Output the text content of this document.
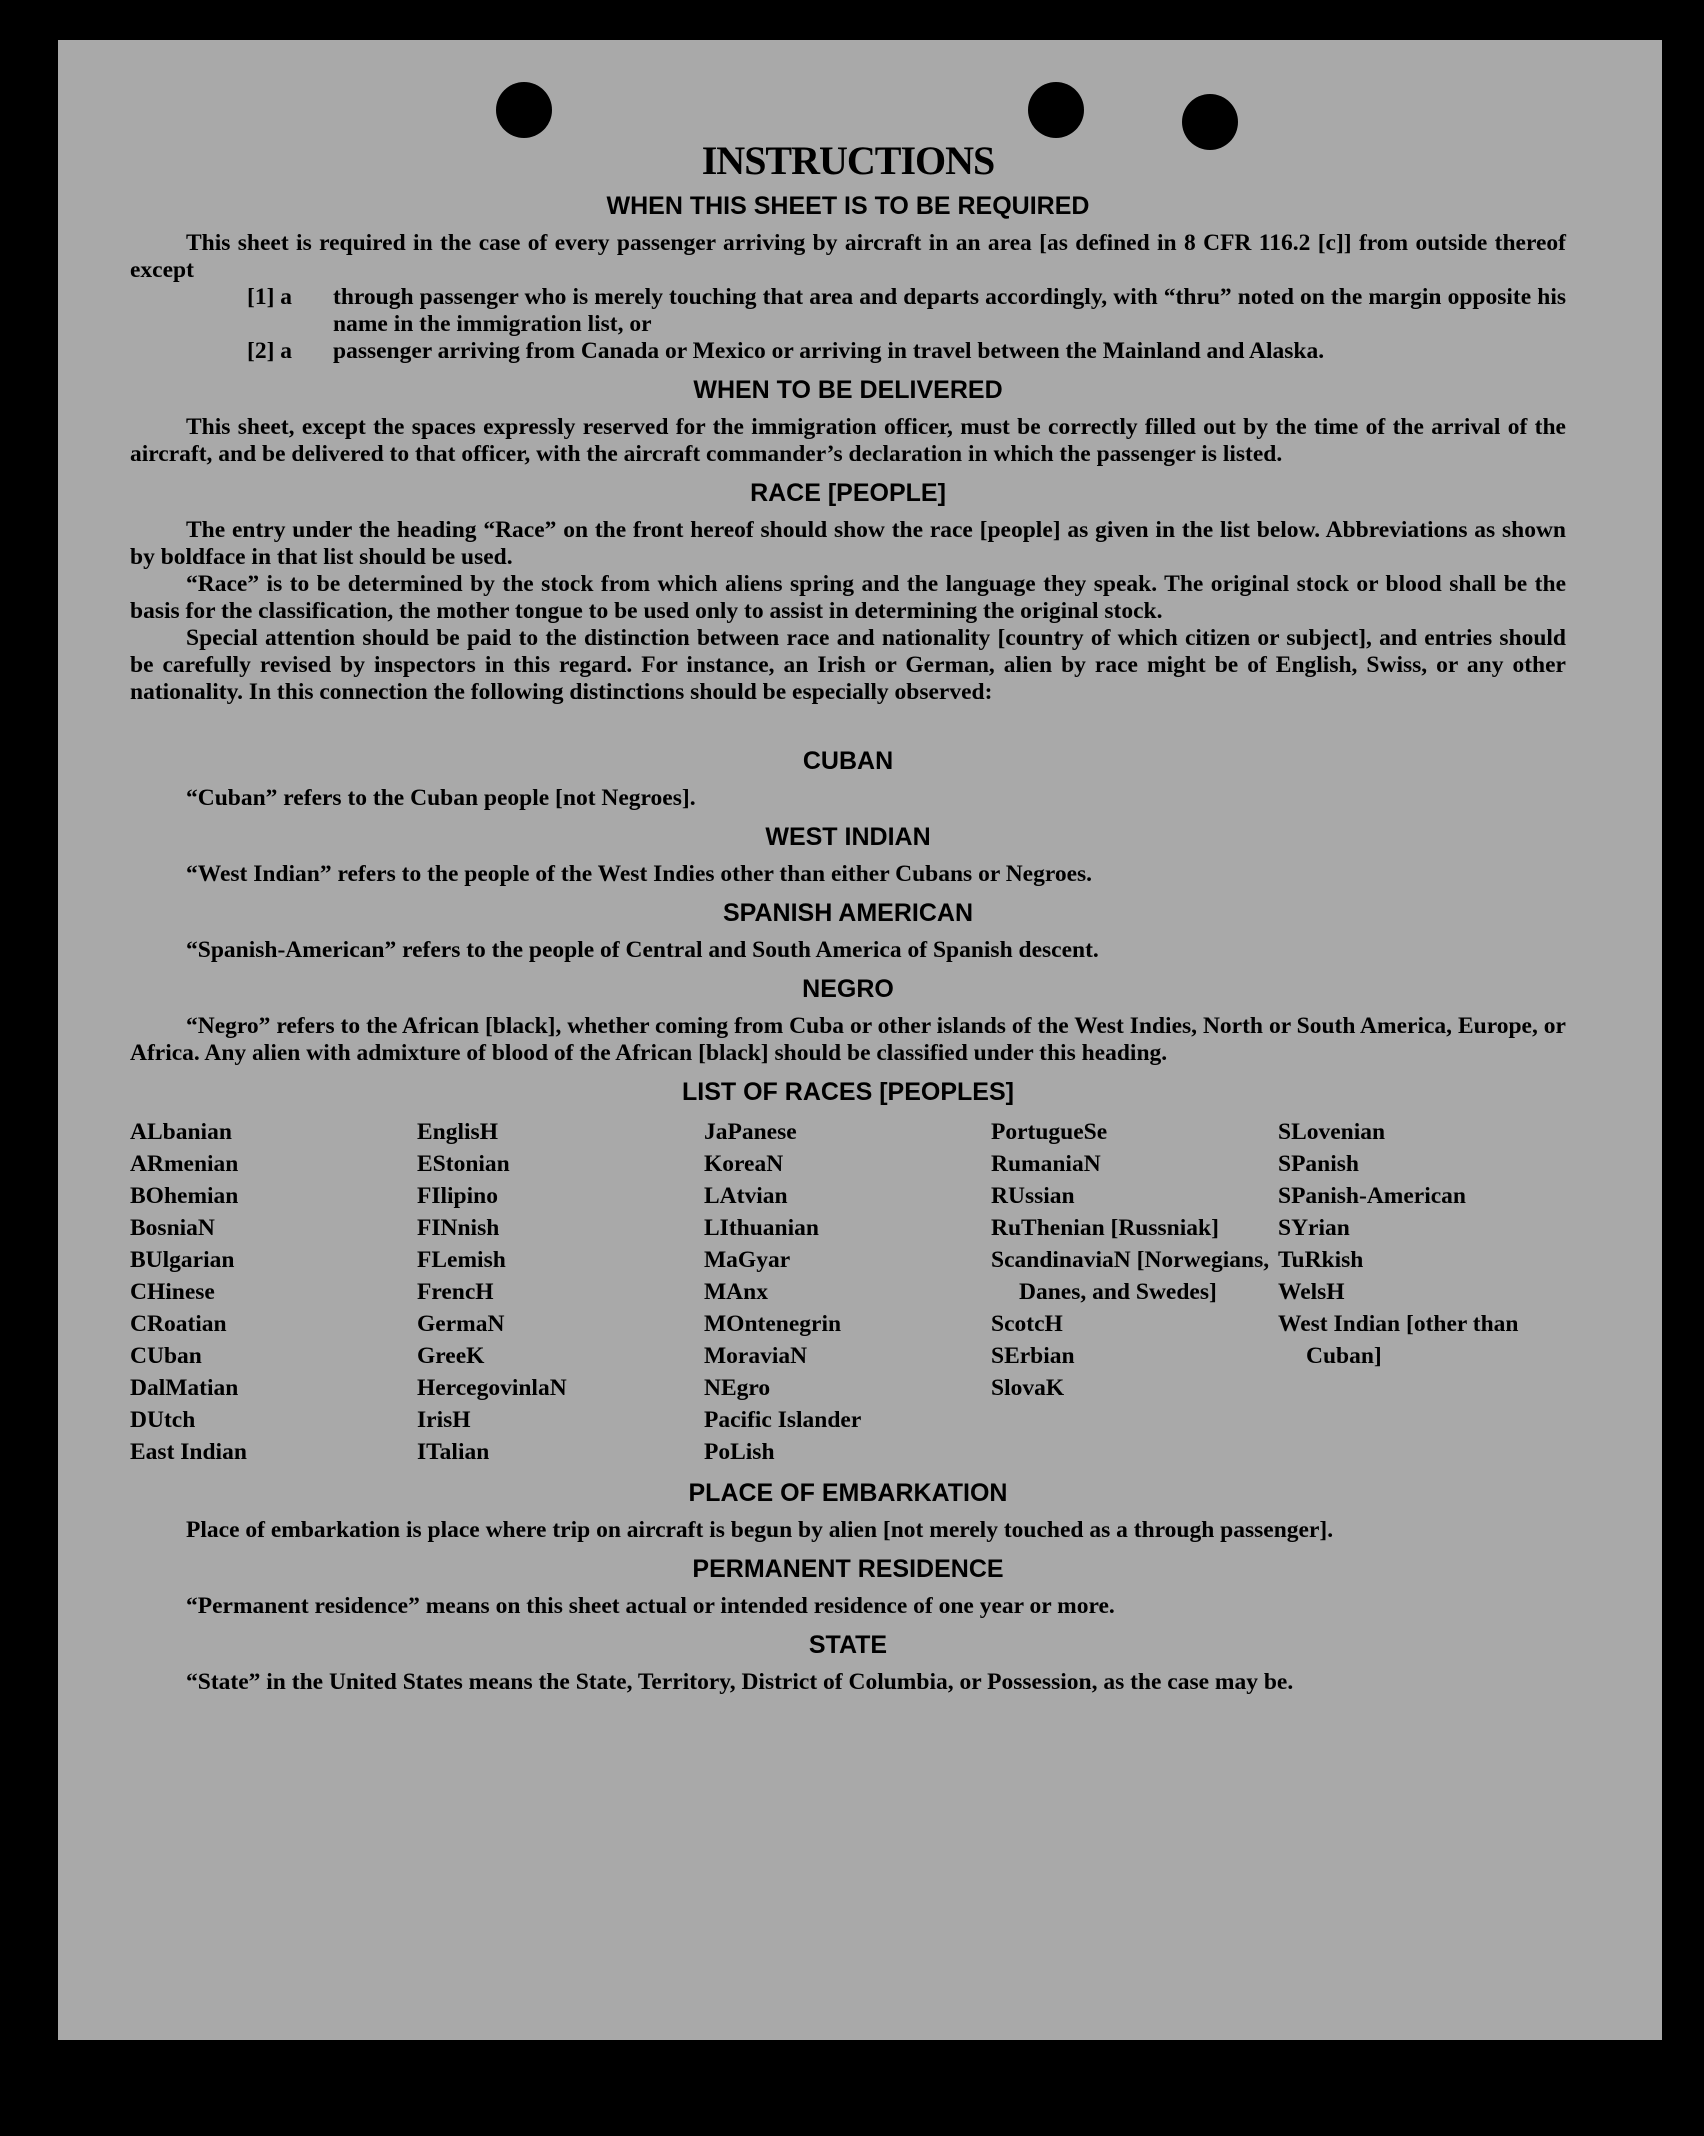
INSTRUCTIONS
WHEN THIS SHEET IS TO BE REQUIRED

This sheet is required in the case of every passenger arriving by aircraft in an area [as defined in 8 CFR 116.2 [c]] from outside thereof except

[1] a	through passenger who is merely touching that area and departs accordingly, with “thru” noted on the margin opposite his name in the immigration list, or
[2] a	passenger arriving from Canada or Mexico or arriving in travel between the Mainland and Alaska.
WHEN TO BE DELIVERED

This sheet, except the spaces expressly reserved for the immigration officer, must be correctly filled out by the time of the arrival of the aircraft, and be delivered to that officer, with the aircraft commander’s declaration in which the passenger is listed.

RACE [PEOPLE]

The entry under the heading “Race” on the front hereof should show the race [people] as given in the list below. Abbreviations as shown by boldface in that list should be used.

“Race” is to be determined by the stock from which aliens spring and the language they speak. The original stock or blood shall be the basis for the classification, the mother tongue to be used only to assist in determining the original stock.

Special attention should be paid to the distinction between race and nationality [country of which citizen or subject], and entries should be carefully revised by inspectors in this regard. For instance, an Irish or German, alien by race might be of English, Swiss, or any other nationality. In this connection the following distinctions should be especially observed:

CUBAN

“Cuban” refers to the Cuban people [not Negroes].

WEST INDIAN

“West Indian” refers to the people of the West Indies other than either Cubans or Negroes.

SPANISH AMERICAN

“Spanish-American” refers to the people of Central and South America of Spanish descent.

NEGRO

“Negro” refers to the African [black], whether coming from Cuba or other islands of the West Indies, North or South America, Europe, or Africa. Any alien with admixture of blood of the African [black] should be classified under this heading.

LIST OF RACES [PEOPLES]
ALbanian
ARmenian
BOhemian
BosniaN
BUlgarian
CHinese
CRoatian
CUban
DalMatian
DUtch
East Indian
EnglisH
EStonian
FIlipino
FINnish
FLemish
FrencH
GermaN
GreeK
HercegovinlaN
IrisH
ITalian
JaPanese
KoreaN
LAtvian
LIthuanian
MaGyar
MAnx
MOntenegrin
MoraviaN
NEgro
Pacific Islander
PoLish
PortugueSe
RumaniaN
RUssian
RuThenian [Russniak]
ScandinaviaN [Norwegians, Danes, and Swedes]
ScotcH
SErbian
SlovaK
SLovenian
SPanish
SPanish-American
SYrian
TuRkish
WelsH
West Indian [other than Cuban]
PLACE OF EMBARKATION

Place of embarkation is place where trip on aircraft is begun by alien [not merely touched as a through passenger].

PERMANENT RESIDENCE

“Permanent residence” means on this sheet actual or intended residence of one year or more.

STATE

“State” in the United States means the State, Territory, District of Columbia, or Possession, as the case may be.
